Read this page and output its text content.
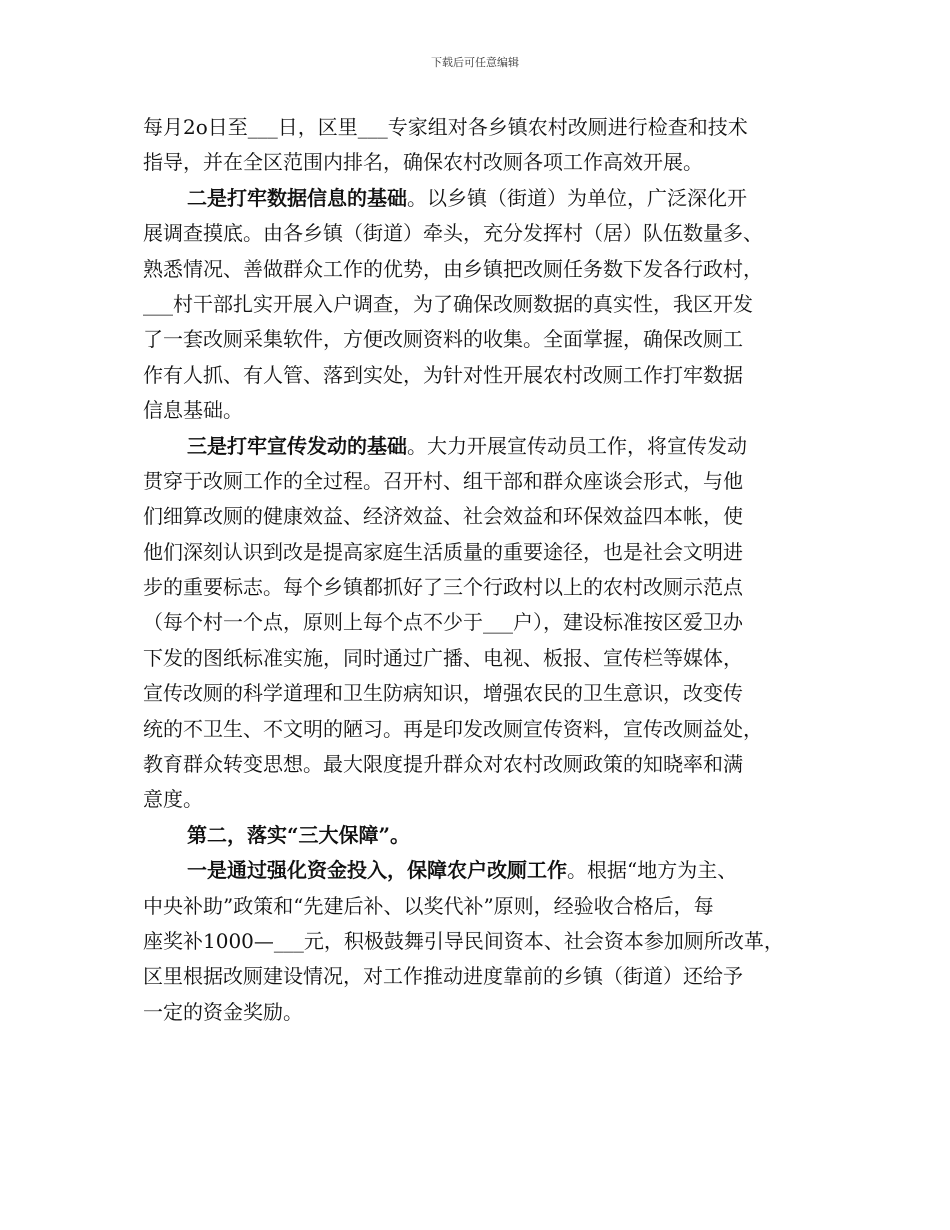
下载后可任意编辑
每月2o日至___日，区里___专家组对各乡镇农村改厕进行检查和技术
指导，并在全区范围内排名，确保农村改厕各项工作高效开展。
二是打牢数据信息的基础。以乡镇（街道）为单位，广泛深化开
展调查摸底。由各乡镇（街道）牵头，充分发挥村（居）队伍数量多、
熟悉情况、善做群众工作的优势，由乡镇把改厕任务数下发各行政村，
___村干部扎实开展入户调查，为了确保改厕数据的真实性，我区开发
了一套改厕采集软件，方便改厕资料的收集。全面掌握，确保改厕工
作有人抓、有人管、落到实处，为针对性开展农村改厕工作打牢数据
信息基础。
三是打牢宣传发动的基础。大力开展宣传动员工作，将宣传发动
贯穿于改厕工作的全过程。召开村、组干部和群众座谈会形式，与他
们细算改厕的健康效益、经济效益、社会效益和环保效益四本帐，使
他们深刻认识到改是提高家庭生活质量的重要途径，也是社会文明进
步的重要标志。每个乡镇都抓好了三个行政村以上的农村改厕示范点
（每个村一个点，原则上每个点不少于___户），建设标准按区爱卫办
下发的图纸标准实施，同时通过广播、电视、板报、宣传栏等媒体，
宣传改厕的科学道理和卫生防病知识，增强农民的卫生意识，改变传
统的不卫生、不文明的陋习。再是印发改厕宣传资料，宣传改厕益处，
教育群众转变思想。最大限度提升群众对农村改厕政策的知晓率和满
意度。
第二，落实“三大保障”。
一是通过强化资金投入，保障农户改厕工作。根据“地方为主、
中央补助”政策和“先建后补、以奖代补”原则，经验收合格后，每
座奖补1000—___元，积极鼓舞引导民间资本、社会资本参加厕所改革，
区里根据改厕建设情况，对工作推动进度靠前的乡镇（街道）还给予
一定的资金奖励。
